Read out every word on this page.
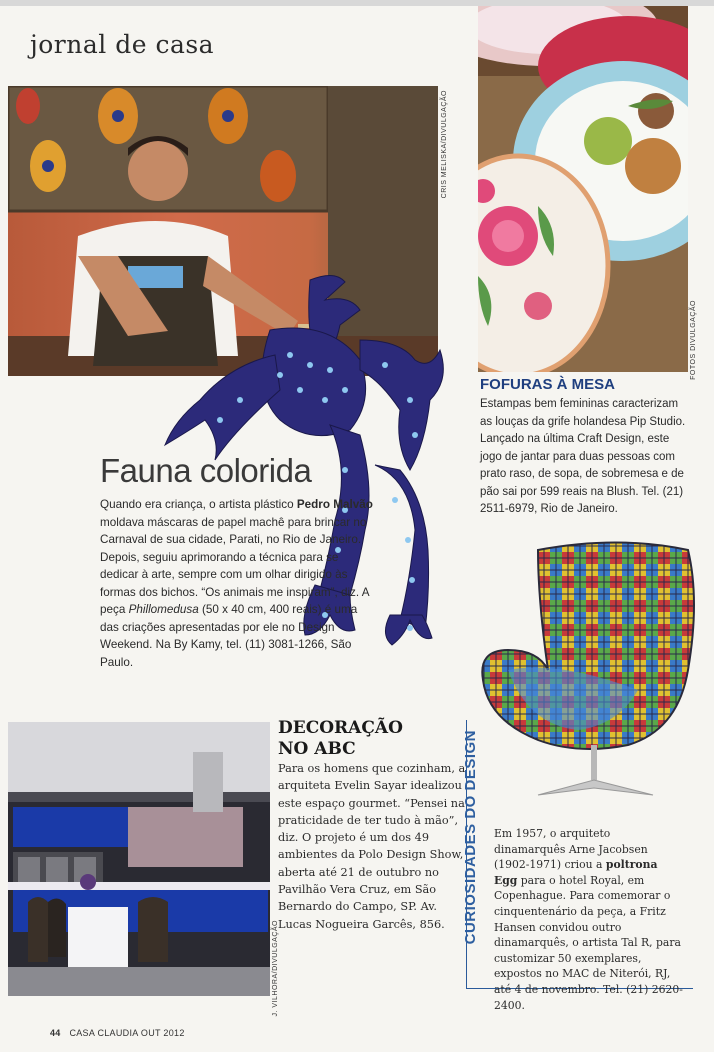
jornal de casa
CRIS MELISKA/DIVULGAÇÃO
FOTOS DIVULGAÇÃO
Fauna colorida
Quando era criança, o artista plástico Pedro Malvão moldava máscaras de papel machê para brincar no Carnaval de sua cidade, Parati, no Rio de Janeiro. Depois, seguiu aprimorando a técnica para se dedicar à arte, sempre com um olhar dirigido às formas dos bichos. “Os animais me inspiram”, diz. A peça Phillomedusa (50 x 40 cm, 400 reais) é uma das criações apresentadas por ele no Design Weekend. Na By Kamy, tel. (11) 3081-1266, São Paulo.
FOFURAS À MESA
Estampas bem femininas caracterizam as louças da grife holandesa Pip Studio. Lançado na última Craft Design, este jogo de jantar para duas pessoas com prato raso, de sopa, de sobremesa e de pão sai por 599 reais na Blush. Tel. (21) 2511-6979, Rio de Janeiro.
J. VILHORA/DIVULGAÇÃO
DECORAÇÃO
NO ABC
Para os homens que cozinham, a arquiteta Evelin Sayar idealizou este espaço gourmet. “Pensei na praticidade de ter tudo à mão”, diz. O projeto é um dos 49 ambientes da Polo Design Show, aberta até 21 de outubro no Pavilhão Vera Cruz, em São Bernardo do Campo, SP. Av. Lucas Nogueira Garcês, 856.	CURIOSIDADES DO DESIGN Em 1957, o arquiteto dinamarquês Arne Jacobsen (1902-1971) criou a poltrona Egg para o hotel Royal, em Copenhague. Para comemorar o cinquentenário da peça, a Fritz Hansen convidou outro dinamarquês, o artista Tal R, para customizar 50 exemplares, expostos no MAC de Niterói, RJ, até 4 de novembro. Tel. (21) 2620-2400.
44 CASA CLAUDIA OUT 2012
